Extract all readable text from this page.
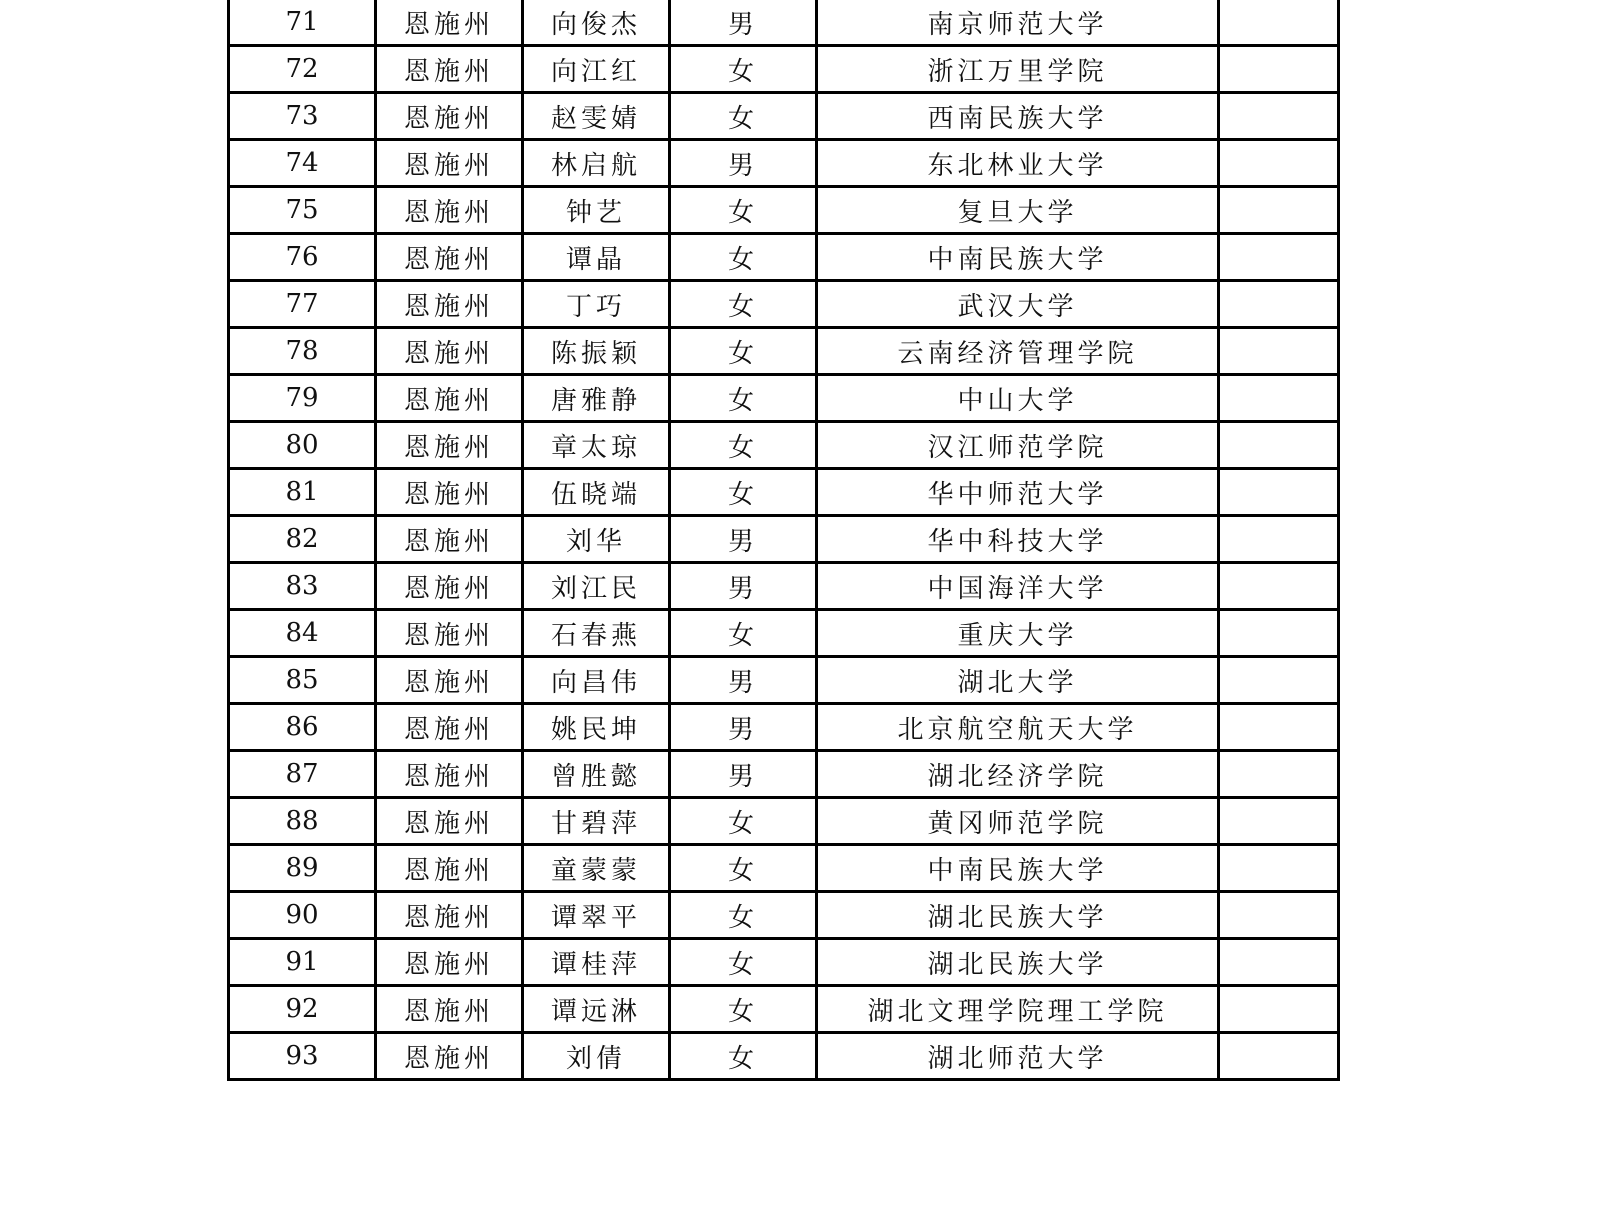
71	恩施州	向俊杰	男	南京师范大学	
72	恩施州	向江红	女	浙江万里学院	
73	恩施州	赵雯婧	女	西南民族大学	
74	恩施州	林启航	男	东北林业大学	
75	恩施州	钟艺	女	复旦大学	
76	恩施州	谭晶	女	中南民族大学	
77	恩施州	丁巧	女	武汉大学	
78	恩施州	陈振颖	女	云南经济管理学院	
79	恩施州	唐雅静	女	中山大学	
80	恩施州	章太琼	女	汉江师范学院	
81	恩施州	伍晓端	女	华中师范大学	
82	恩施州	刘华	男	华中科技大学	
83	恩施州	刘江民	男	中国海洋大学	
84	恩施州	石春燕	女	重庆大学	
85	恩施州	向昌伟	男	湖北大学	
86	恩施州	姚民坤	男	北京航空航天大学	
87	恩施州	曾胜懿	男	湖北经济学院	
88	恩施州	甘碧萍	女	黄冈师范学院	
89	恩施州	童蒙蒙	女	中南民族大学	
90	恩施州	谭翠平	女	湖北民族大学	
91	恩施州	谭桂萍	女	湖北民族大学	
92	恩施州	谭远淋	女	湖北文理学院理工学院	
93	恩施州	刘倩	女	湖北师范大学	
